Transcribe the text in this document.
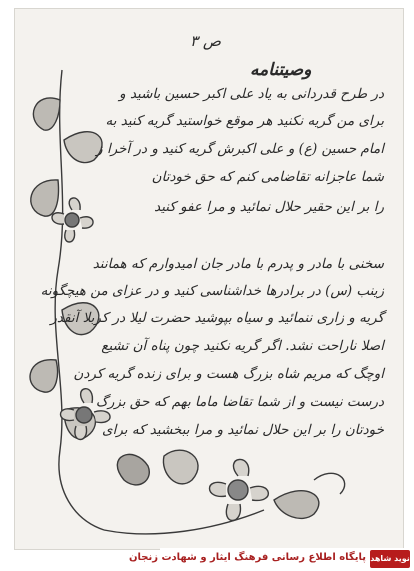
ص ۳
وصیتنامه
در طرح قدردانی به یاد علی اکبر حسین باشید و
برای من گریه نکنید هر موقع خواستید گریه کنید به
امام حسین (ع) و علی اکبرش گریه کنید و در آخرا ز
شما عاجزانه تقاضامی کنم که حق خودتان
را بر این حقیر حلال نمائید و مرا عفو کنید
سخنی با مادر و پدرم با مادر جان امیدوارم که همانند
زینب (س) در برادرها خداشناسی کنید و در عزای من هیچگونه
گریه و زاری ننمائید و سیاه بپوشید حضرت لیلا در کربلا آنقدر
اصلا ناراحت نشد. اگر گریه نکنید چون پناه آن تشیع
اوچگ که مریم شاه بزرگ هست و برای زنده گریه کردن
درست نیست و از شما تقاضا ماما بهم که حق بزرگ
خودتان را بر این حلال نمائید و مرا ببخشید که برای
نوید شاهد
پایگاه اطلاع رسانی فرهنگ ایثار و شهادت زنجان
